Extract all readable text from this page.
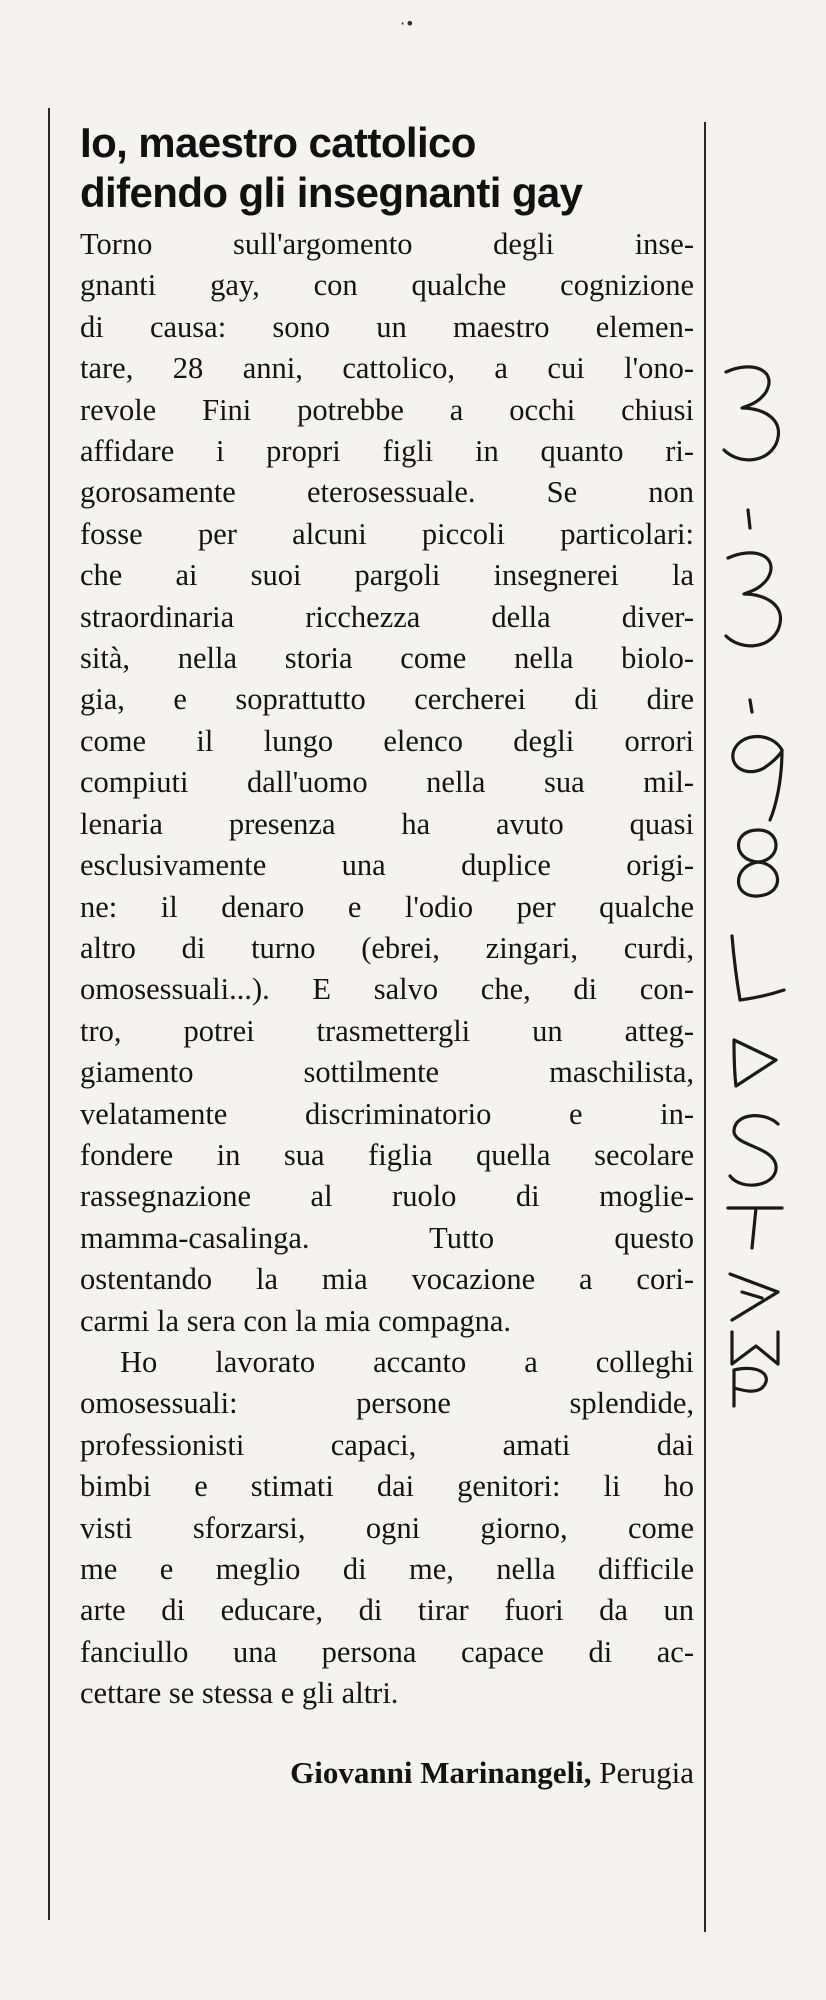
·•
Io, maestro cattolico
difendo gli insegnanti gay
Torno sull'argomento degli inse-
gnanti gay, con qualche cognizione
di causa: sono un maestro elemen-
tare, 28 anni, cattolico, a cui l'ono-
revole Fini potrebbe a occhi chiusi
affidare i propri figli in quanto ri-
gorosamente eterosessuale. Se non
fosse per alcuni piccoli particolari:
che ai suoi pargoli insegnerei la
straordinaria ricchezza della diver-
sità, nella storia come nella biolo-
gia, e soprattutto cercherei di dire
come il lungo elenco degli orrori
compiuti dall'uomo nella sua mil-
lenaria presenza ha avuto quasi
esclusivamente una duplice origi-
ne: il denaro e l'odio per qualche
altro di turno (ebrei, zingari, curdi,
omosessuali...). E salvo che, di con-
tro, potrei trasmettergli un atteg-
giamento sottilmente maschilista,
velatamente discriminatorio e in-
fondere in sua figlia quella secolare
rassegnazione al ruolo di moglie-
mamma-casalinga. Tutto questo
ostentando la mia vocazione a cori-
carmi la sera con la mia compagna.
Ho lavorato accanto a colleghi
omosessuali: persone splendide,
professionisti capaci, amati dai
bimbi e stimati dai genitori: li ho
visti sforzarsi, ogni giorno, come
me e meglio di me, nella difficile
arte di educare, di tirar fuori da un
fanciullo una persona capace di ac-
cettare se stessa e gli altri.
Giovanni Marinangeli, Perugia
